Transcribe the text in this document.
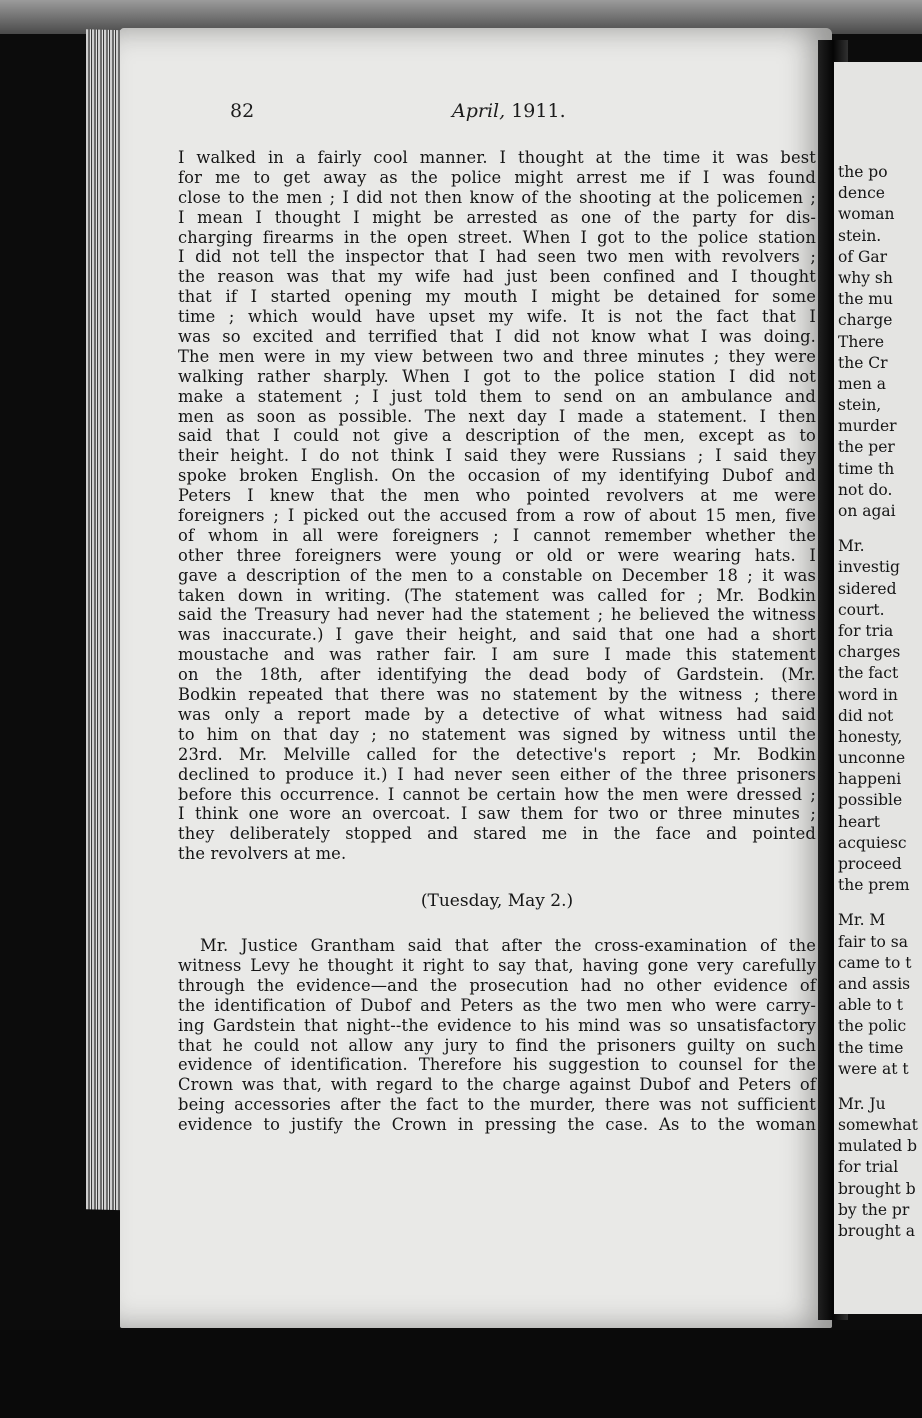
82	April, 1911.
I walked in a fairly cool manner. I thought at the time it was best
for me to get away as the police might arrest me if I was found
close to the men ; I did not then know of the shooting at the policemen ;
I mean I thought I might be arrested as one of the party for dis-
charging firearms in the open street. When I got to the police station
I did not tell the inspector that I had seen two men with revolvers ;
the reason was that my wife had just been confined and I thought
that if I started opening my mouth I might be detained for some
time ; which would have upset my wife. It is not the fact that I
was so excited and terrified that I did not know what I was doing.
The men were in my view between two and three minutes ; they were
walking rather sharply. When I got to the police station I did not
make a statement ; I just told them to send on an ambulance and
men as soon as possible. The next day I made a statement. I then
said that I could not give a description of the men, except as to
their height. I do not think I said they were Russians ; I said they
spoke broken English. On the occasion of my identifying Dubof and
Peters I knew that the men who pointed revolvers at me were
foreigners ; I picked out the accused from a row of about 15 men, five
of whom in all were foreigners ; I cannot remember whether the
other three foreigners were young or old or were wearing hats. I
gave a description of the men to a constable on December 18 ; it was
taken down in writing. (The statement was called for ; Mr. Bodkin
said the Treasury had never had the statement ; he believed the witness
was inaccurate.) I gave their height, and said that one had a short
moustache and was rather fair. I am sure I made this statement
on the 18th, after identifying the dead body of Gardstein. (Mr.
Bodkin repeated that there was no statement by the witness ; there
was only a report made by a detective of what witness had said
to him on that day ; no statement was signed by witness until the
23rd. Mr. Melville called for the detective's report ; Mr. Bodkin
declined to produce it.) I had never seen either of the three prisoners
before this occurrence. I cannot be certain how the men were dressed ;
I think one wore an overcoat. I saw them for two or three minutes ;
they deliberately stopped and stared me in the face and pointed
the revolvers at me.
(Tuesday, May 2.)
Mr. Justice Grantham said that after the cross-examination of the
witness Levy he thought it right to say that, having gone very carefully
through the evidence—and the prosecution had no other evidence of
the identification of Dubof and Peters as the two men who were carry-
ing Gardstein that night--the evidence to his mind was so unsatisfactory
that he could not allow any jury to find the prisoners guilty on such
evidence of identification. Therefore his suggestion to counsel for the
Crown was that, with regard to the charge against Dubof and Peters of
being accessories after the fact to the murder, there was not sufficient
evidence to justify the Crown in pressing the case. As to the woman
the po
dence
woman
stein.
of Gar
why sh
the mu
charge
There
the Cr
men a
stein,
murder
the per
time th
not do.
on agai
Mr.
investig
sidered
court.
for tria
charges
the fact
word in
did not
honesty,
unconne
happeni
possible
heart
acquiesc
proceed
the prem
Mr. M
fair to sa
came to t
and assis
able to t
the polic
the time
were at t
Mr. Ju
somewhat
mulated b
for trial
brought b
by the pr
brought a
